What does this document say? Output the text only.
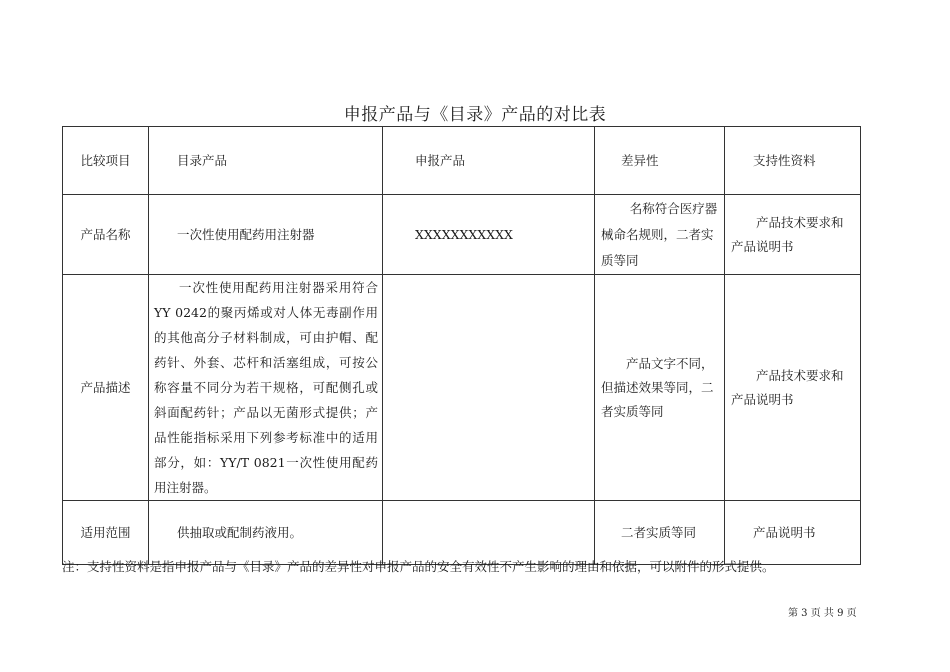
申报产品与《目录》产品的对比表
比较项目	目录产品	申报产品	差异性	支持性资料
产品名称	一次性使用配药用注射器	XXXXXXXXXXX	名称符合医疗器械命名规则，二者实质等同	产品技术要求和产品说明书
产品描述	一次性使用配药用注射器采用符合YY 0242的聚丙烯或对人体无毒副作用的其他高分子材料制成，可由护帽、配药针、外套、芯杆和活塞组成，可按公称容量不同分为若干规格，可配侧孔或斜面配药针；产品以无菌形式提供；产品性能指标采用下列参考标准中的适用部分，如：YY/T 0821一次性使用配药用注射器。		产品文字不同，但描述效果等同，二者实质等同	产品技术要求和产品说明书
适用范围	供抽取或配制药液用。		二者实质等同	产品说明书
注：支持性资料是指申报产品与《目录》产品的差异性对申报产品的安全有效性不产生影响的理由和依据，可以附件的形式提供。
第 3 页 共 9 页
